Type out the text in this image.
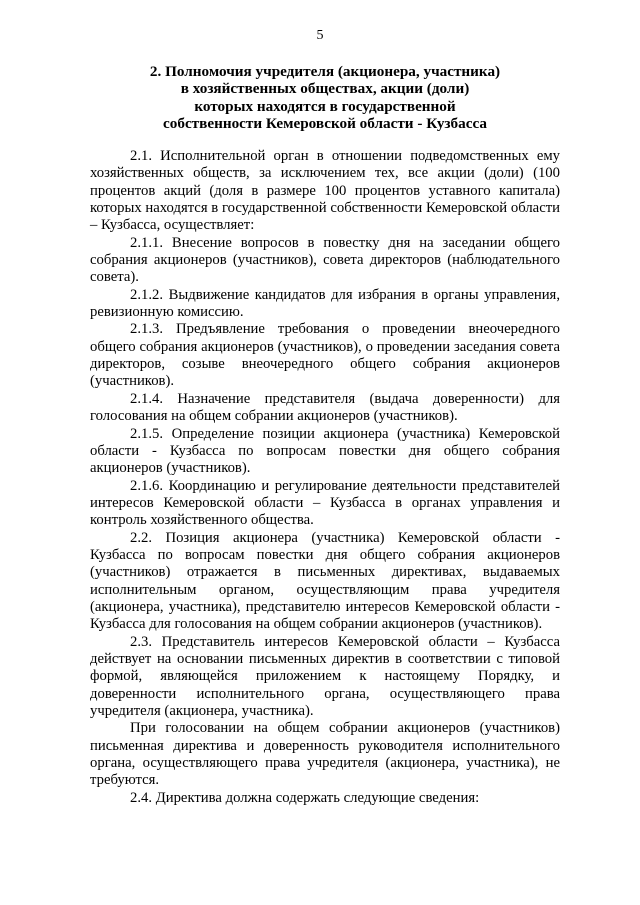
5
2. Полномочия учредителя (акционера, участника)
в хозяйственных обществах, акции (доли)
которых находятся в государственной
собственности Кемеровской области - Кузбасса

2.1. Исполнительной орган в отношении подведомственных ему хозяйственных обществ, за исключением тех, все акции (доли) (100 процентов акций (доля в размере 100 процентов уставного капитала) которых находятся в государственной собственности Кемеровской области – Кузбасса, осуществляет:

2.1.1. Внесение вопросов в повестку дня на заседании общего собрания акционеров (участников), совета директоров (наблюдательного совета).

2.1.2. Выдвижение кандидатов для избрания в органы управления, ревизионную комиссию.

2.1.3. Предъявление требования о проведении внеочередного общего собрания акционеров (участников), о проведении заседания совета директоров, созыве внеочередного общего собрания акционеров (участников).

2.1.4. Назначение представителя (выдача доверенности) для голосования на общем собрании акционеров (участников).

2.1.5. Определение позиции акционера (участника) Кемеровской области - Кузбасса по вопросам повестки дня общего собрания акционеров (участников).

2.1.6. Координацию и регулирование деятельности представителей интересов Кемеровской области – Кузбасса в органах управления и контроль хозяйственного общества.

2.2. Позиция акционера (участника) Кемеровской области - Кузбасса по вопросам повестки дня общего собрания акционеров (участников) отражается в письменных директивах, выдаваемых исполнительным органом, осуществляющим права учредителя (акционера, участника), представителю интересов Кемеровской области - Кузбасса для голосования на общем собрании акционеров (участников).

2.3. Представитель интересов Кемеровской области – Кузбасса действует на основании письменных директив в соответствии с типовой формой, являющейся приложением к настоящему Порядку, и доверенности исполнительного органа, осуществляющего права учредителя (акционера, участника).

При голосовании на общем собрании акционеров (участников) письменная директива и доверенность руководителя исполнительного органа, осуществляющего права учредителя (акционера, участника), не требуются.

2.4. Директива должна содержать следующие сведения:
